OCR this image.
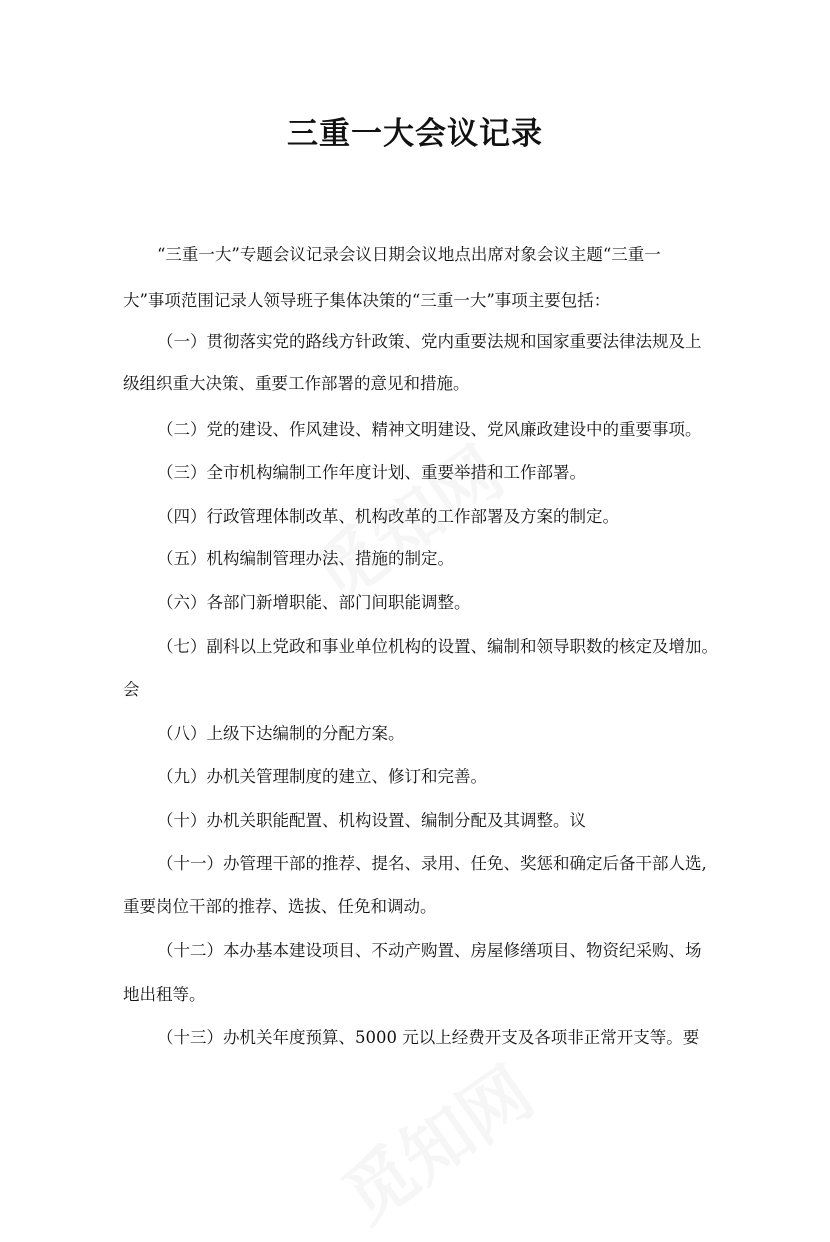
三重一大会议记录
“三重一大”专题会议记录会议日期会议地点出席对象会议主题“三重一
大”事项范围记录人领导班子集体决策的“三重一大”事项主要包括：
（一）贯彻落实党的路线方针政策、党内重要法规和国家重要法律法规及上
级组织重大决策、重要工作部署的意见和措施。
（二）党的建设、作风建设、精神文明建设、党风廉政建设中的重要事项。
（三）全市机构编制工作年度计划、重要举措和工作部署。
（四）行政管理体制改革、机构改革的工作部署及方案的制定。
（五）机构编制管理办法、措施的制定。
（六）各部门新增职能、部门间职能调整。
（七）副科以上党政和事业单位机构的设置、编制和领导职数的核定及增加。
会
（八）上级下达编制的分配方案。
（九）办机关管理制度的建立、修订和完善。
（十）办机关职能配置、机构设置、编制分配及其调整。议
（十一）办管理干部的推荐、提名、录用、任免、奖惩和确定后备干部人选,
重要岗位干部的推荐、选拔、任免和调动。
（十二）本办基本建设项目、不动产购置、房屋修缮项目、物资纪采购、场
地出租等。
（十三）办机关年度预算、5000 元以上经费开支及各项非正常开支等。要
